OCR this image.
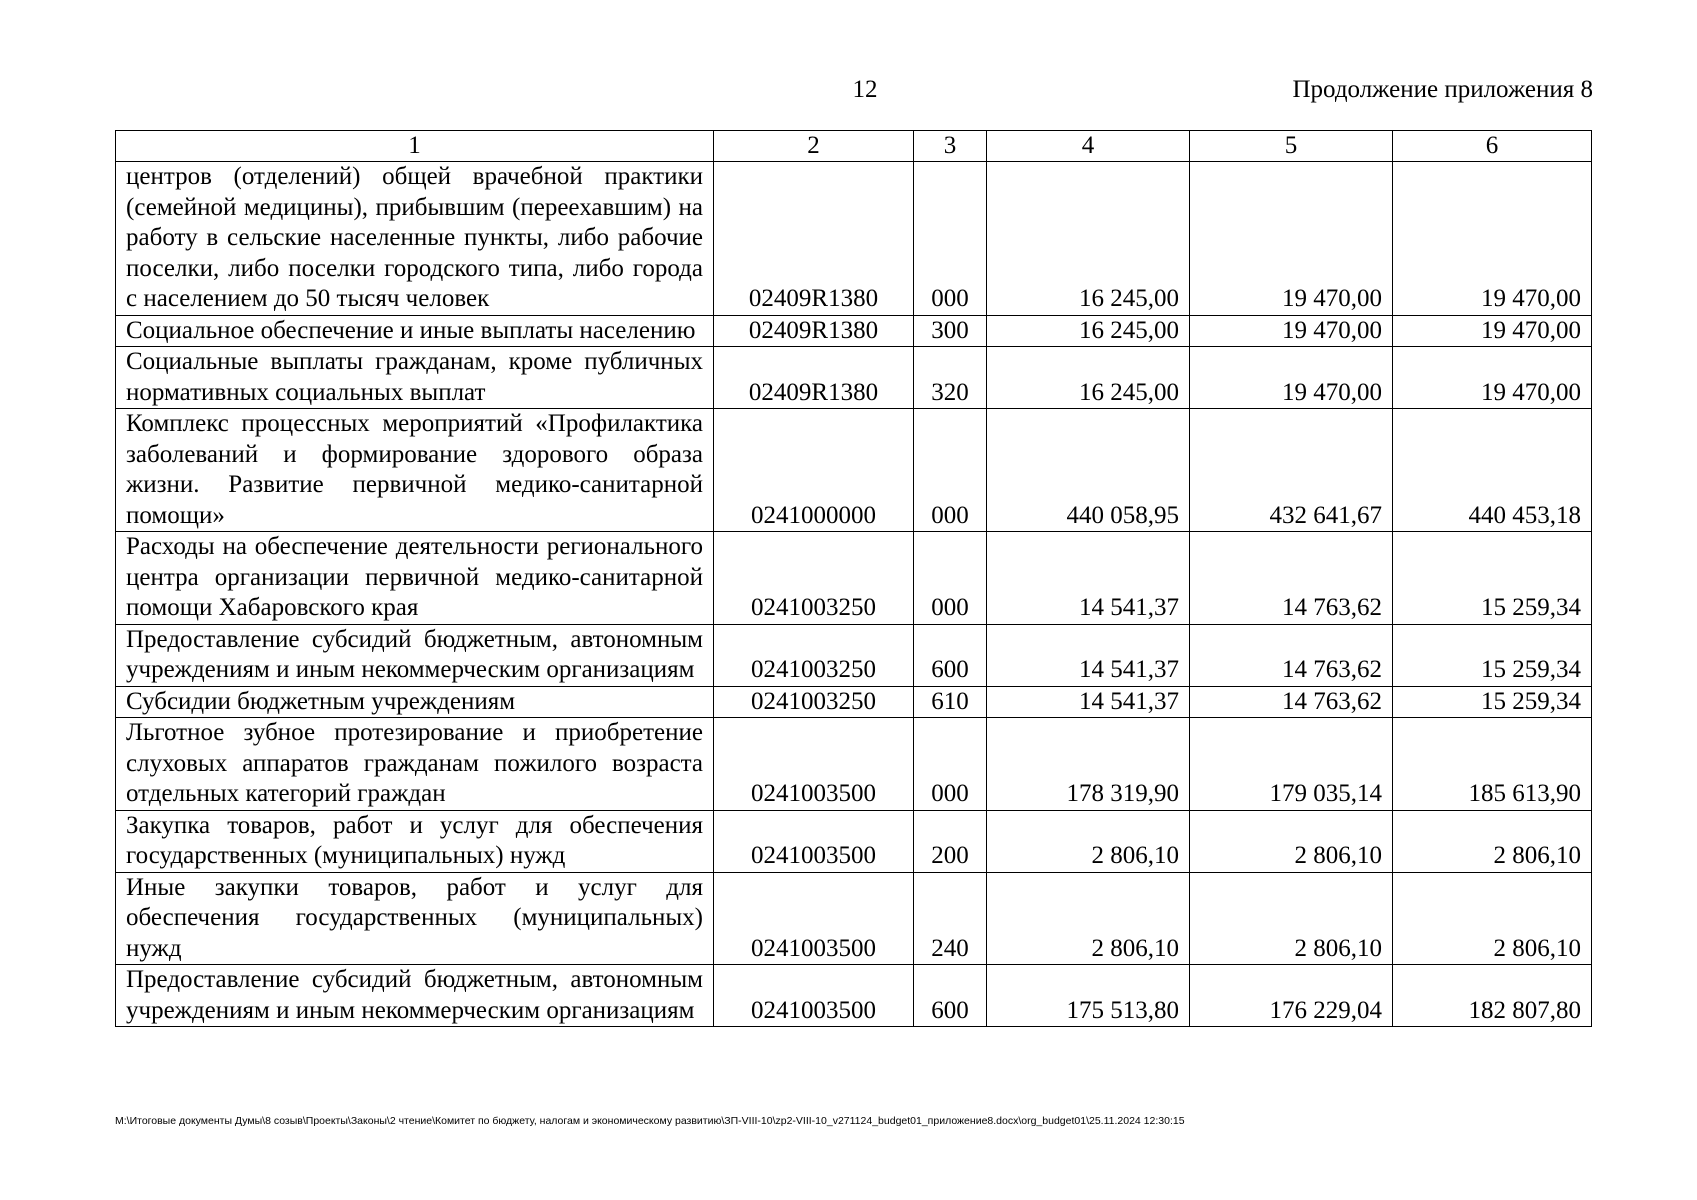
12	Продолжение приложения 8
1	2	3	4	5	6
центров (отделений) общей врачебной практики (семейной медицины), прибывшим (переехавшим) на работу в сельские населенные пункты, либо рабочие поселки, либо поселки городского типа, либо города с населением до 50 тысяч человек	02409R1380	000	16 245,00	19 470,00	19 470,00
Социальное обеспечение и иные выплаты населению	02409R1380	300	16 245,00	19 470,00	19 470,00
Социальные выплаты гражданам, кроме публичных нормативных социальных выплат	02409R1380	320	16 245,00	19 470,00	19 470,00
Комплекс процессных мероприятий «Профилактика заболеваний и формирование здорового образа жизни. Развитие первичной медико-санитарной помощи»	0241000000	000	440 058,95	432 641,67	440 453,18
Расходы на обеспечение деятельности регионального центра организации первичной медико-санитарной помощи Хабаровского края	0241003250	000	14 541,37	14 763,62	15 259,34
Предоставление субсидий бюджетным, автономным учреждениям и иным некоммерческим организациям	0241003250	600	14 541,37	14 763,62	15 259,34
Субсидии бюджетным учреждениям	0241003250	610	14 541,37	14 763,62	15 259,34
Льготное зубное протезирование и приобретение слуховых аппаратов гражданам пожилого возраста отдельных категорий граждан	0241003500	000	178 319,90	179 035,14	185 613,90
Закупка товаров, работ и услуг для обеспечения государственных (муниципальных) нужд	0241003500	200	2 806,10	2 806,10	2 806,10
Иные закупки товаров, работ и услуг для обеспечения государственных (муниципальных) нужд	0241003500	240	2 806,10	2 806,10	2 806,10
Предоставление субсидий бюджетным, автономным учреждениям и иным некоммерческим организациям	0241003500	600	175 513,80	176 229,04	182 807,80
M:\Итоговые документы Думы\8 созыв\Проекты\Законы\2 чтение\Комитет по бюджету, налогам и экономическому развитию\ЗП-VIII-10\zp2-VIII-10_v271124_budget01_приложение8.docx\org_budget01\25.11.2024 12:30:15
